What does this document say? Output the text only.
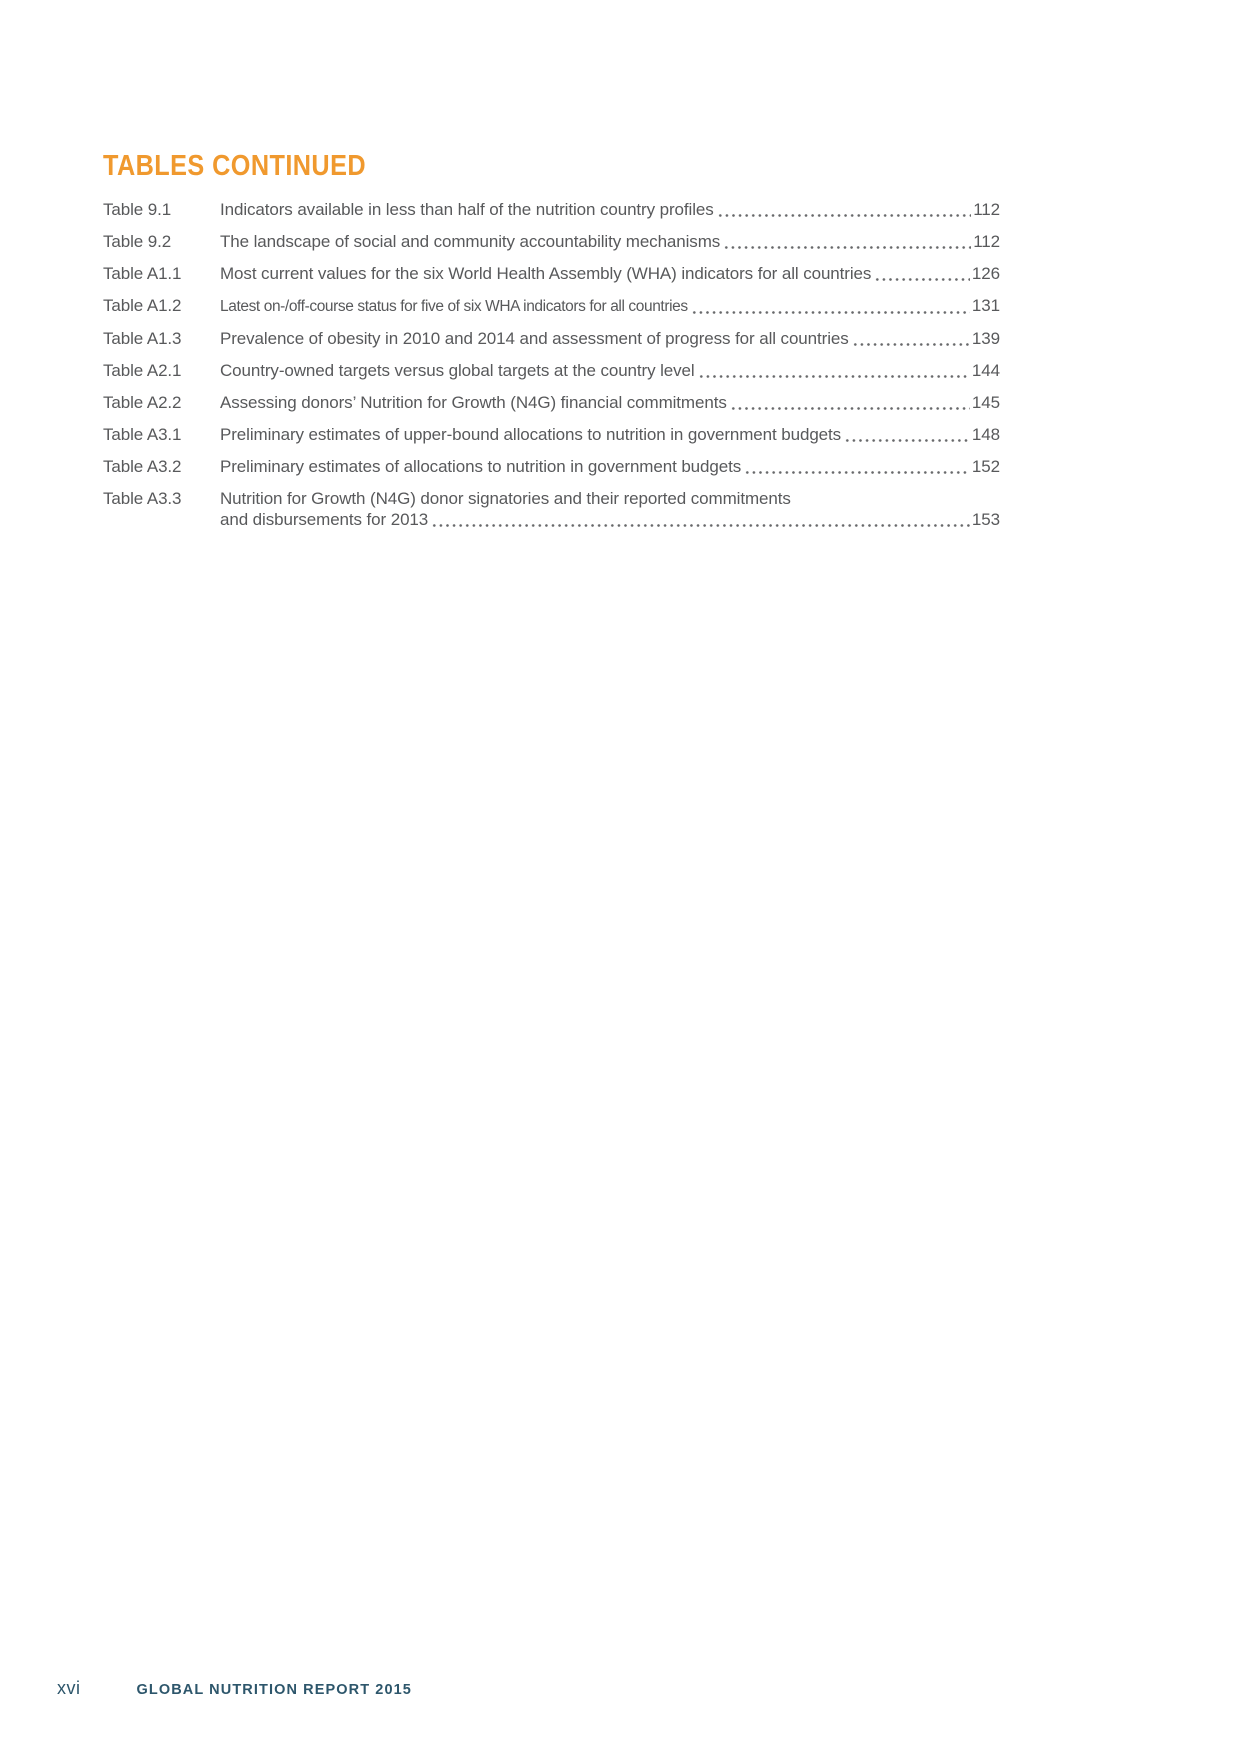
TABLES CONTINUED
Table 9.1	Indicators available in less than half of the nutrition country profiles	112
Table 9.2	The landscape of social and community accountability mechanisms	112
Table A1.1	Most current values for the six World Health Assembly (WHA) indicators for all countries	126
Table A1.2	Latest on-/off-course status for five of six WHA indicators for all countries	131
Table A1.3	Prevalence of obesity in 2010 and 2014 and assessment of progress for all countries	139
Table A2.1	Country-owned targets versus global targets at the country level	144
Table A2.2	Assessing donors’ Nutrition for Growth (N4G) financial commitments	145
Table A3.1	Preliminary estimates of upper-bound allocations to nutrition in government budgets	148
Table A3.2	Preliminary estimates of allocations to nutrition in government budgets	152
Table A3.3	Nutrition for Growth (N4G) donor signatories and their reported commitments
and disbursements for 2013	153
xvi	GLOBAL NUTRITION REPORT 2015
